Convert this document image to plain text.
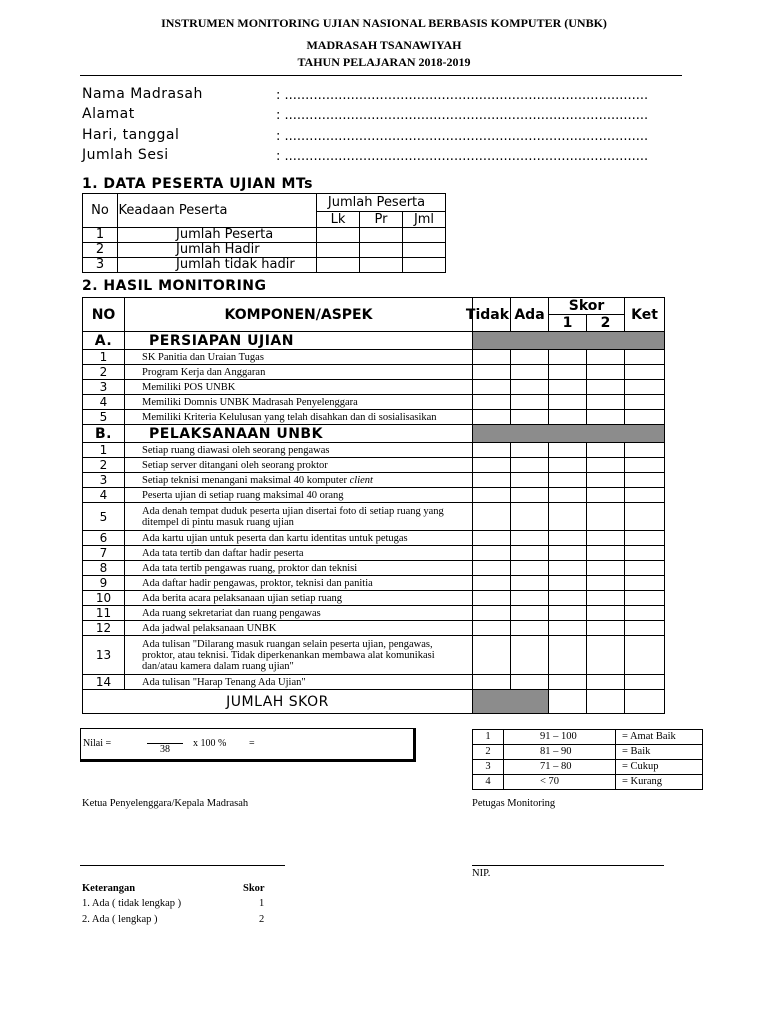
INSTRUMEN MONITORING UJIAN NASIONAL BERBASIS KOMPUTER (UNBK)
MADRASAH TSANAWIYAH
TAHUN PELAJARAN 2018-2019
Nama Madrasah	: ........................................................................................
Alamat	: ........................................................................................
Hari, tanggal	: ........................................................................................
Jumlah Sesi	: ........................................................................................
1. DATA PESERTA UJIAN MTs
No	Keadaan Peserta	Jumlah Peserta		

		Lk	Pr	Jml
1	Jumlah Peserta			

2	Jumlah Hadir			

3	Jumlah tidak hadir			

2. HASIL MONITORING
NO	KOMPONEN/ASPEK	Tidak	Ada	Skor		Ket
				1	2	
A.	PERSIAPAN UJIAN					
1	SK Panitia dan Uraian Tugas					
2	Program Kerja dan Anggaran					
3	Memiliki POS UNBK					
4	Memiliki Domnis UNBK Madrasah Penyelenggara					
5	Memiliki Kriteria Kelulusan yang telah disahkan dan di sosialisasikan					
B.	PELAKSANAAN UNBK					
1	Setiap ruang diawasi oleh seorang pengawas					
2	Setiap server ditangani oleh seorang proktor					
3	Setiap teknisi menangani maksimal 40 komputer client					
4	Peserta ujian di setiap ruang maksimal 40 orang					
5	Ada denah tempat duduk peserta ujian disertai foto di setiap ruang yang ditempel di pintu masuk ruang ujian					
6	Ada kartu ujian untuk peserta dan kartu identitas untuk petugas					
7	Ada tata tertib dan daftar hadir peserta					
8	Ada tata tertib pengawas ruang, proktor dan teknisi					
9	Ada daftar hadir pengawas, proktor, teknisi dan panitia					
10	Ada berita acara pelaksanaan ujian setiap ruang					
11	Ada ruang sekretariat dan ruang pengawas					
12	Ada jadwal pelaksanaan UNBK					
13	Ada tulisan "Dilarang masuk ruangan selain peserta ujian, pengawas, proktor, atau teknisi. Tidak diperkenankan membawa alat komunikasi dan/atau kamera dalam ruang ujian"					
14	Ada tulisan "Harap Tenang Ada Ujian"					
JUMLAH SKOR						
Nilai =
38
x 100 % =
1	91 – 100	= Amat Baik
2	81 – 90	= Baik
3	71 – 80	= Cukup
4	< 70	= Kurang
Ketua Penyelenggara/Kepala Madrasah	Petugas Monitoring
NIP.
Keterangan	Skor
1. Ada ( tidak lengkap )	1
2. Ada ( lengkap )	2
